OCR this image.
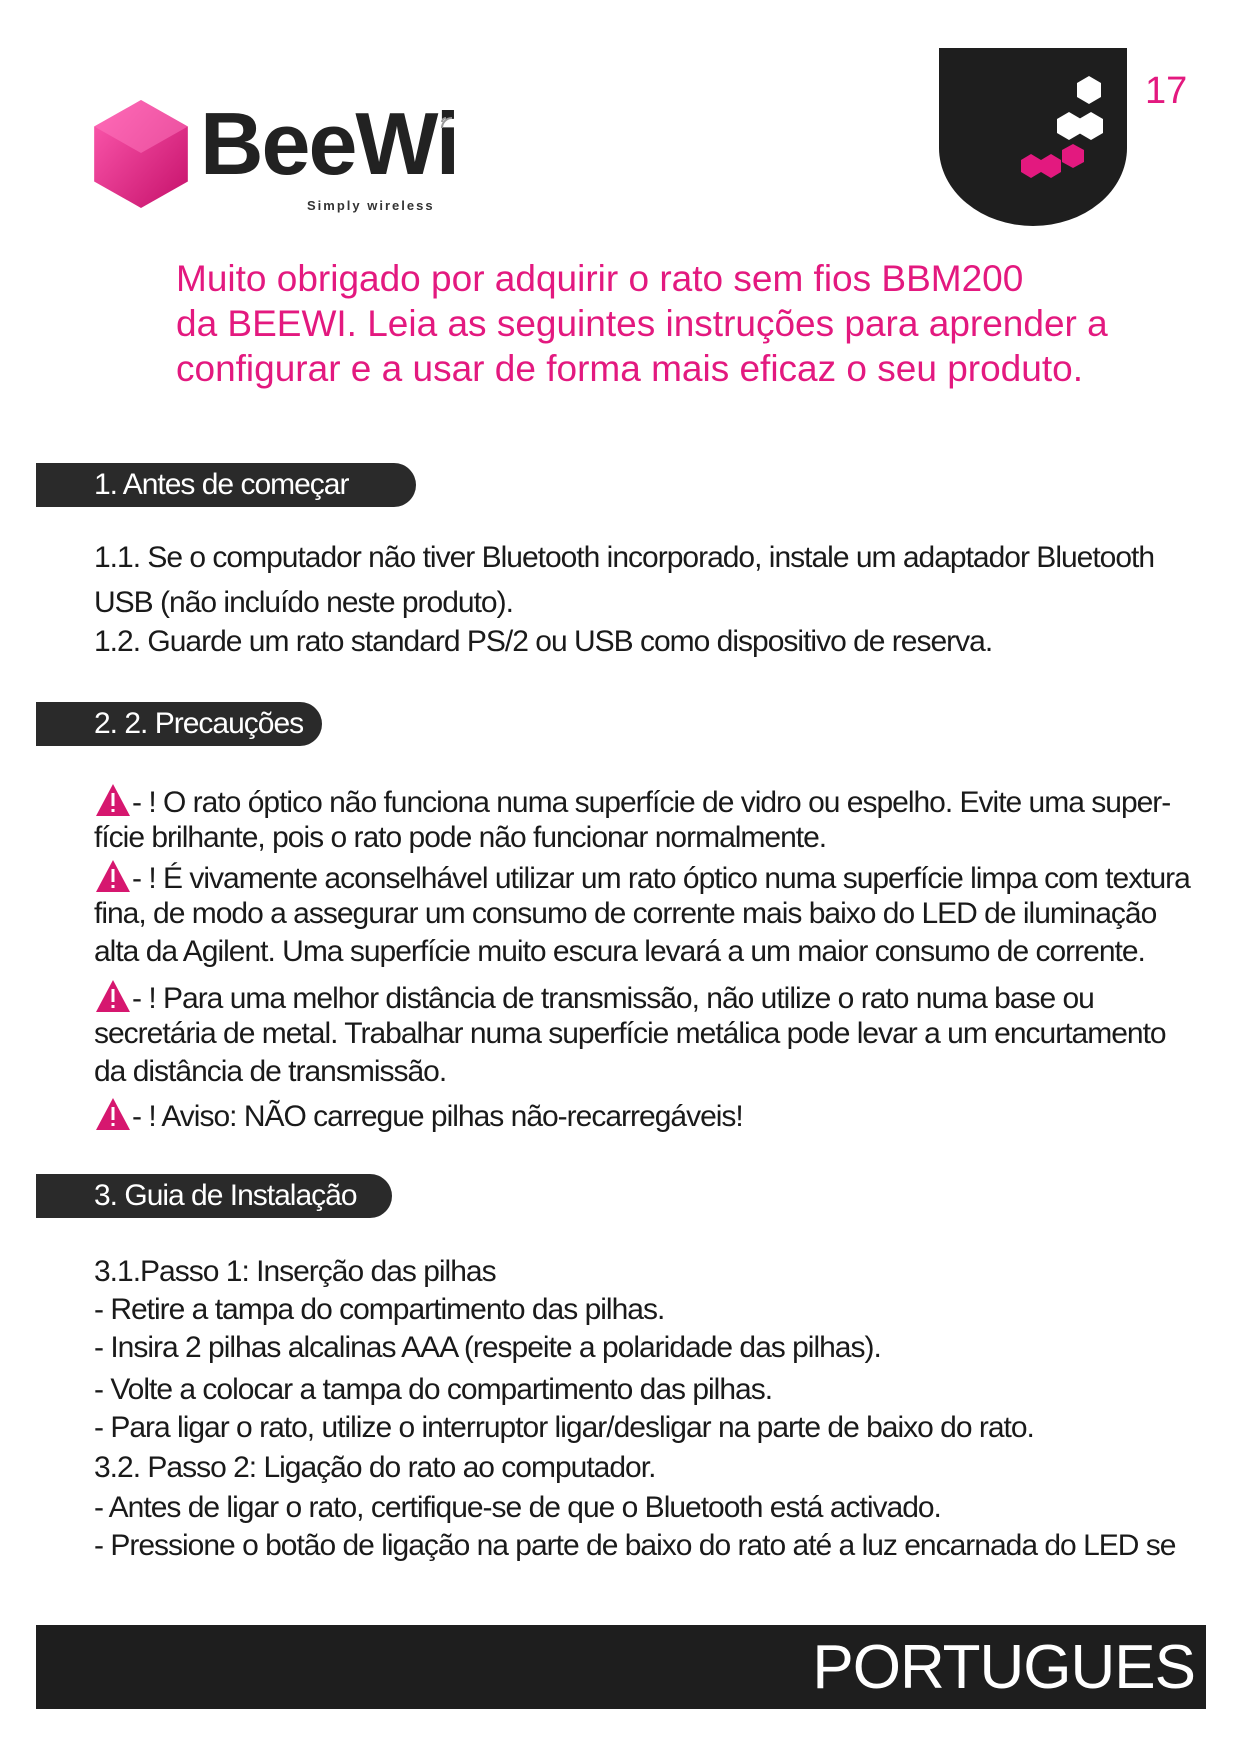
BeeWi
Simply wireless
17
Muito obrigado por adquirir o rato sem fios BBM200
da BEEWI. Leia as seguintes instruções para aprender a
configurar e a usar de forma mais eficaz o seu produto.
1. Antes de começar
1.1. Se o computador não tiver Bluetooth incorporado, instale um adaptador Bluetooth
USB (não incluído neste produto).
1.2. Guarde um rato standard PS/2 ou USB como dispositivo de reserva.
2. 2. Precauções
- ! O rato óptico não funciona numa superfície de vidro ou espelho. Evite uma super-
fície brilhante, pois o rato pode não funcionar normalmente.
- ! É vivamente aconselhável utilizar um rato óptico numa superfície limpa com textura
fina, de modo a assegurar um consumo de corrente mais baixo do LED de iluminação
alta da Agilent. Uma superfície muito escura levará a um maior consumo de corrente.
- ! Para uma melhor distância de transmissão, não utilize o rato numa base ou
secretária de metal. Trabalhar numa superfície metálica pode levar a um encurtamento
da distância de transmissão.
- ! Aviso: NÃO carregue pilhas não-recarregáveis!
3. Guia de Instalação
3.1.Passo 1: Inserção das pilhas
- Retire a tampa do compartimento das pilhas.
- Insira 2 pilhas alcalinas AAA (respeite a polaridade das pilhas).
- Volte a colocar a tampa do compartimento das pilhas.
- Para ligar o rato, utilize o interruptor ligar/desligar na parte de baixo do rato.
3.2. Passo 2: Ligação do rato ao computador.
- Antes de ligar o rato, certifique-se de que o Bluetooth está activado.
- Pressione o botão de ligação na parte de baixo do rato até a luz encarnada do LED se
PORTUGUES
